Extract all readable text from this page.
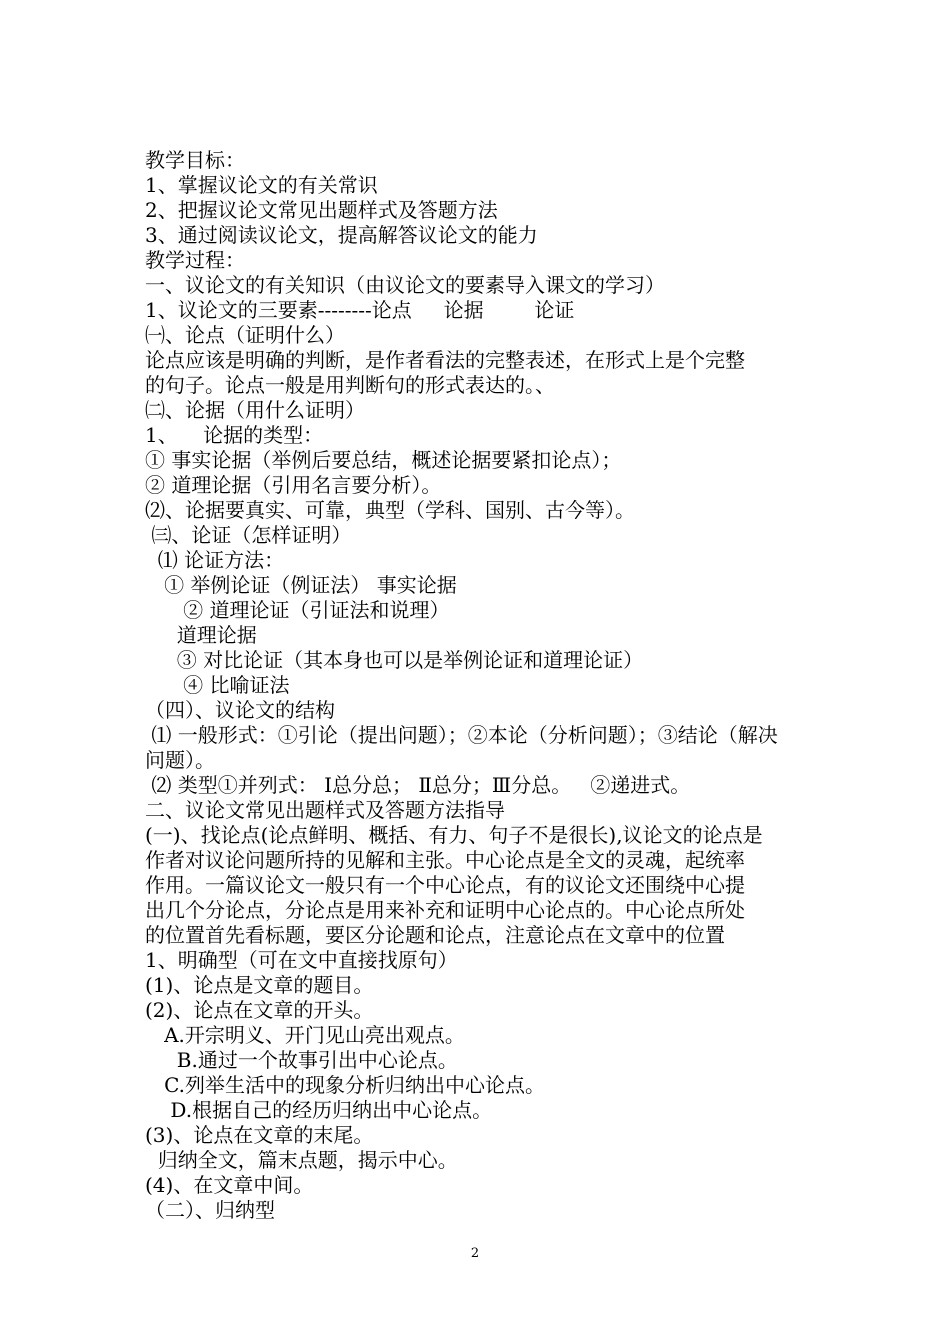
教学目标：
1、掌握议论文的有关常识
2、把握议论文常见出题样式及答题方法
3、通过阅读议论文，提高解答议论文的能力
教学过程：
一、议论文的有关知识（由议论文的要素导入课文的学习）
1、议论文的三要素--------论点     论据        论证
㈠、论点（证明什么）
论点应该是明确的判断，是作者看法的完整表述，在形式上是个完整
的句子。论点一般是用判断句的形式表达的。、
㈡、论据（用什么证明）
1、    论据的类型：
① 事实论据（举例后要总结，概述论据要紧扣论点）；
② 道理论据（引用名言要分析）。
⑵、论据要真实、可靠，典型（学科、国别、古今等）。
㈢、论证（怎样证明）
⑴ 论证方法：
① 举例论证（例证法） 事实论据
② 道理论证（引证法和说理）
道理论据
③ 对比论证（其本身也可以是举例论证和道理论证）
④ 比喻证法
（四）、议论文的结构
⑴ 一般形式：①引论（提出问题）；②本论（分析问题）；③结论（解决
问题）。
⑵ 类型①并列式： Ⅰ总分总； Ⅱ总分；Ⅲ分总。   ②递进式。
二、议论文常见出题样式及答题方法指导
(一)、找论点(论点鲜明、概括、有力、句子不是很长),议论文的论点是
作者对议论问题所持的见解和主张。中心论点是全文的灵魂，起统率
作用。一篇议论文一般只有一个中心论点，有的议论文还围绕中心提
出几个分论点，分论点是用来补充和证明中心论点的。中心论点所处
的位置首先看标题，要区分论题和论点，注意论点在文章中的位置
1、明确型（可在文中直接找原句）
(1)、论点是文章的题目。
(2)、论点在文章的开头。
A.开宗明义、开门见山亮出观点。
B.通过一个故事引出中心论点。
C.列举生活中的现象分析归纳出中心论点。
D.根据自己的经历归纳出中心论点。
(3)、论点在文章的末尾。
归纳全文，篇末点题，揭示中心。
(4)、在文章中间。
（二）、归纳型
2
